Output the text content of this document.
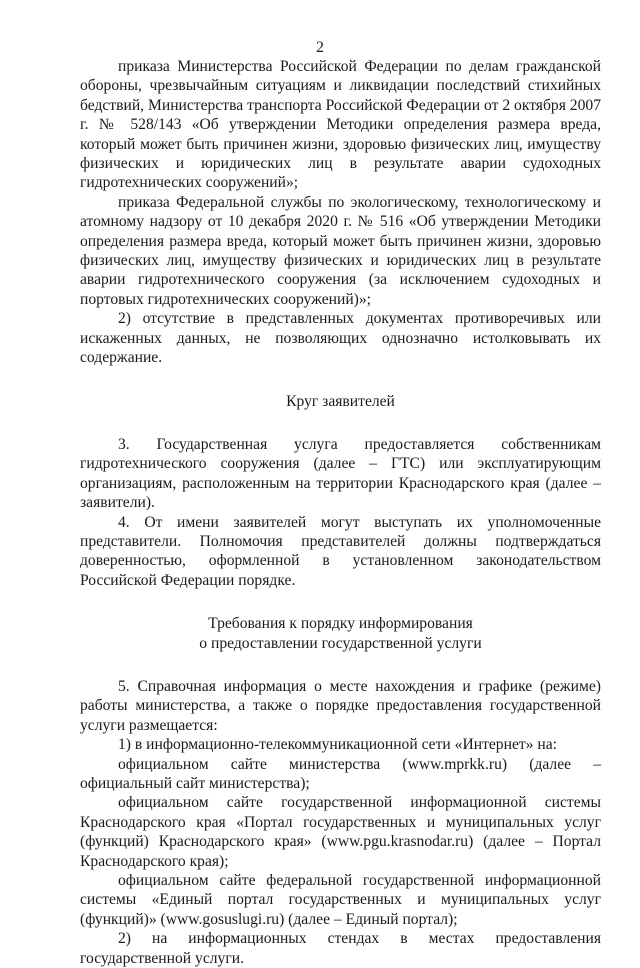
2

приказа Министерства Российской Федерации по делам гражданской обороны, чрезвычайным ситуациям и ликвидации последствий стихийных бедствий, Министерства транспорта Российской Федерации от 2 октября 2007 г. № 528/143 «Об утверждении Методики определения размера вреда, который может быть причинен жизни, здоровью физических лиц, имуществу физических и юридических лиц в результате аварии судоходных гидротехнических сооружений»;

приказа Федеральной службы по экологическому, технологическому и атомному надзору от 10 декабря 2020 г. № 516 «Об утверждении Методики определения размера вреда, который может быть причинен жизни, здоровью физических лиц, имуществу физических и юридических лиц в результате аварии гидротехнического сооружения (за исключением судоходных и портовых гидротехнических сооружений)»;

2) отсутствие в представленных документах противоречивых или искаженных данных, не позволяющих однозначно истолковывать их содержание.

Круг заявителей

3. Государственная услуга предоставляется собственникам гидротехнического сооружения (далее – ГТС) или эксплуатирующим организациям, расположенным на территории Краснодарского края (далее – заявители).

4. От имени заявителей могут выступать их уполномоченные представители. Полномочия представителей должны подтверждаться доверенностью, оформленной в установленном законодательством Российской Федерации порядке.

Требования к порядку информирования

о предоставлении государственной услуги

5. Справочная информация о месте нахождения и графике (режиме) работы министерства, а также о порядке предоставления государственной услуги размещается:

1) в информационно-телекоммуникационной сети «Интернет» на:

официальном сайте министерства (www.mprkk.ru) (далее – официальный сайт министерства);

официальном сайте государственной информационной системы Краснодарского края «Портал государственных и муниципальных услуг (функций) Краснодарского края» (www.pgu.krasnodar.ru) (далее – Портал Краснодарского края);

официальном сайте федеральной государственной информационной системы «Единый портал государственных и муниципальных услуг (функций)» (www.gosuslugi.ru) (далее – Единый портал);

2) на информационных стендах в местах предоставления государственной услуги.
